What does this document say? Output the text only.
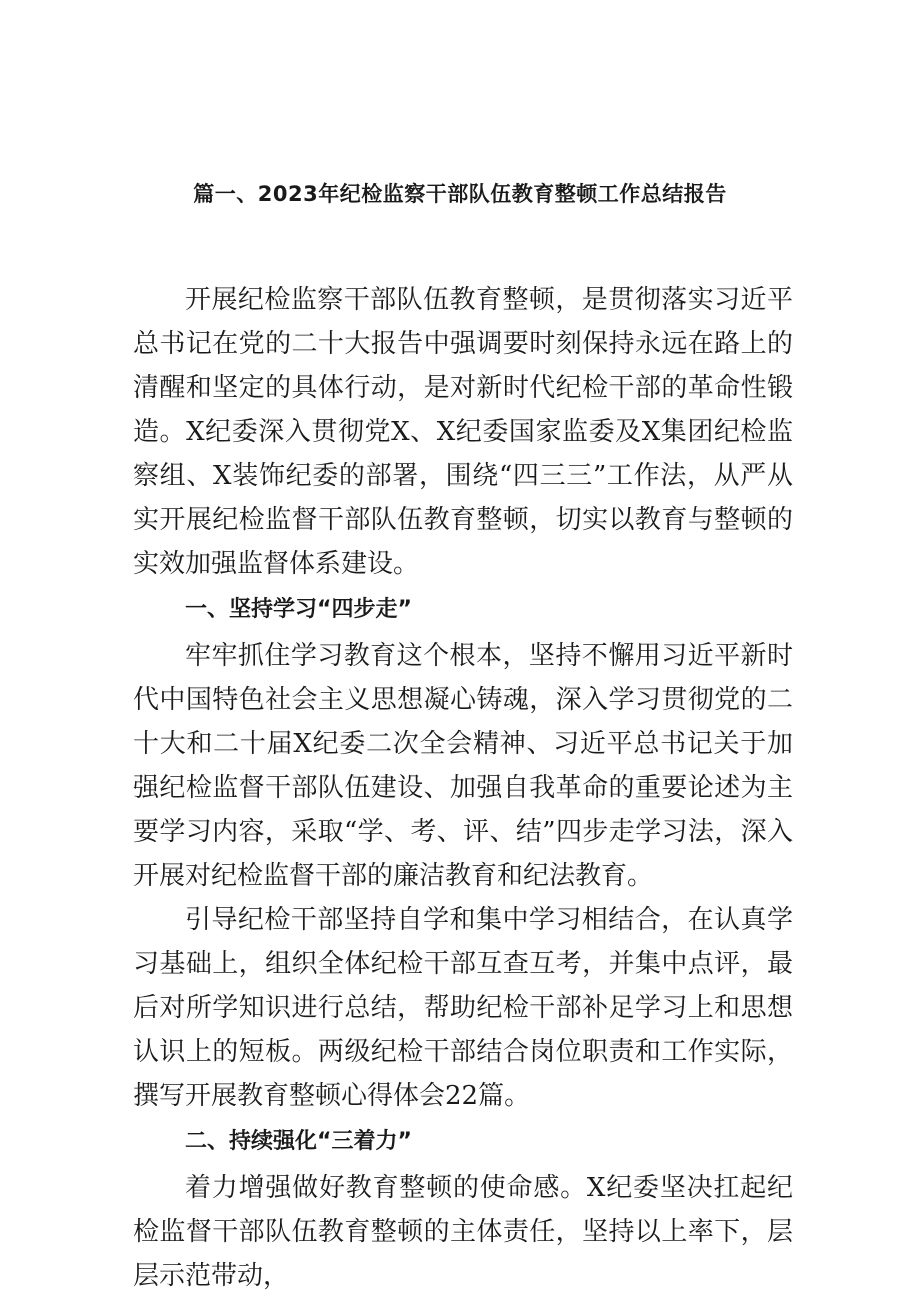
篇一、2023年纪检监察干部队伍教育整顿工作总结报告

开展纪检监察干部队伍教育整顿，是贯彻落实习近平总书记在党的二十大报告中强调要时刻保持永远在路上的清醒和坚定的具体行动，是对新时代纪检干部的革命性锻造。X纪委深入贯彻党X、X纪委国家监委及X集团纪检监察组、X装饰纪委的部署，围绕“四三三”工作法，从严从实开展纪检监督干部队伍教育整顿，切实以教育与整顿的实效加强监督体系建设。

一、坚持学习“四步走”

牢牢抓住学习教育这个根本，坚持不懈用习近平新时代中国特色社会主义思想凝心铸魂，深入学习贯彻党的二十大和二十届X纪委二次全会精神、习近平总书记关于加强纪检监督干部队伍建设、加强自我革命的重要论述为主要学习内容，采取“学、考、评、结”四步走学习法，深入开展对纪检监督干部的廉洁教育和纪法教育。

引导纪检干部坚持自学和集中学习相结合，在认真学习基础上，组织全体纪检干部互查互考，并集中点评，最后对所学知识进行总结，帮助纪检干部补足学习上和思想认识上的短板。两级纪检干部结合岗位职责和工作实际，撰写开展教育整顿心得体会22篇。

二、持续强化“三着力”

着力增强做好教育整顿的使命感。X纪委坚决扛起纪检监督干部队伍教育整顿的主体责任，坚持以上率下，层层示范带动，
